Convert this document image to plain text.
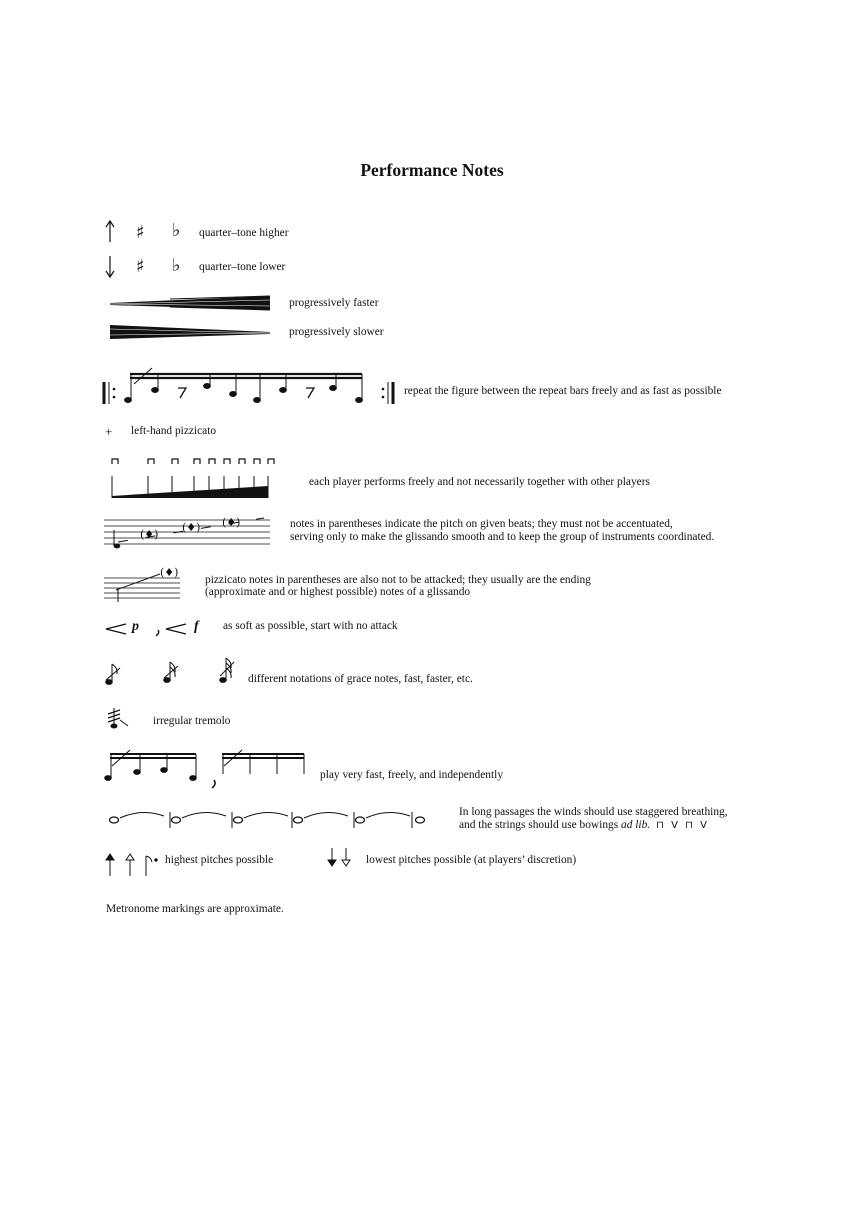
Performance Notes
♯ ♭ quarter–tone higher
♯ ♭ quarter–tone lower
progressively faster
progressively slower
repeat the figure between the repeat bars freely and as fast as possible
+ left-hand pizzicato
each player performs freely and not necessarily together with other players
(♦)
(♦) (♦)	notes in parentheses indicate the pitch on given beats; they must not be accentuated,
serving only to make the glissando smooth and to keep the group of instruments coordinated.
(♦)
pizzicato notes in parentheses are also not to be attacked; they usually are the ending
(approximate and or highest possible) notes of a glissando
p	f as soft as possible, start with no attack
different notations of grace notes, fast, faster, etc.
irregular tremolo
play very fast, freely, and independently
In long passages the winds should use staggered breathing,
and the strings should use bowings ad lib. ⊓ V ⊓ V
highest pitches possible	lowest pitches possible (at players’ discretion)
Metronome markings are approximate.
